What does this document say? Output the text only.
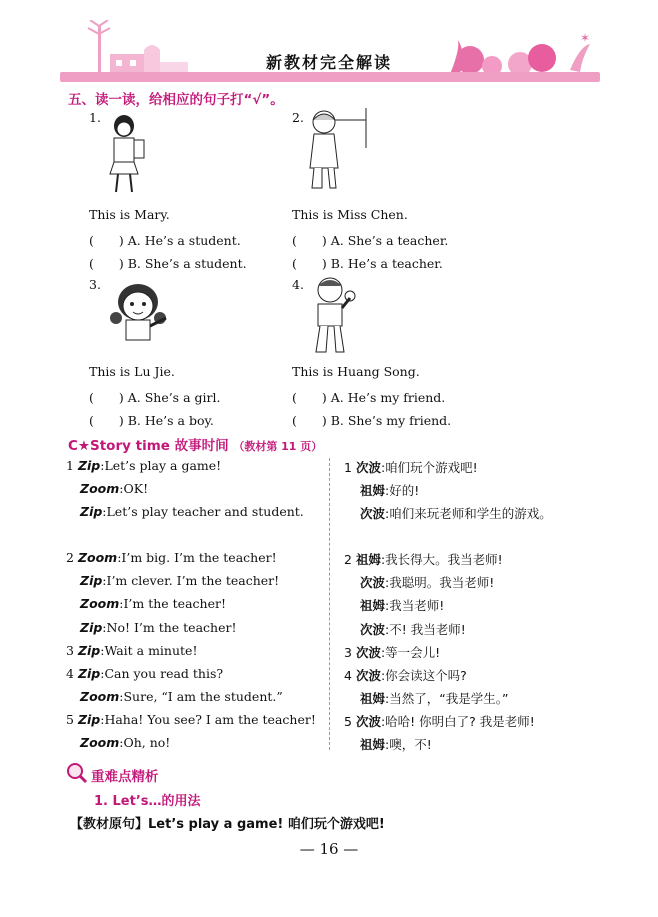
✶
新教材完全解读
五、读一读，给相应的句子打“√”。
1.
This is Mary.
(　　) A. He’s a student.
(　　) B. She’s a student.
2.
This is Miss Chen.
(　　) A. She’s a teacher.
(　　) B. He’s a teacher.
3.
This is Lu Jie.
(　　) A. She’s a girl.
(　　) B. He’s a boy.
4.
This is Huang Song.
(　　) A. He’s my friend.
(　　) B. She’s my friend.
C★Story time 故事时间 （教材第 11 页）
1 Zip:Let’s play a game!
Zoom:OK!
Zip:Let’s play teacher and student.
2 Zoom:I’m big. I’m the teacher!
Zip:I’m clever. I’m the teacher!
Zoom:I’m the teacher!
Zip:No! I’m the teacher!
3 Zip:Wait a minute!
4 Zip:Can you read this?
Zoom:Sure, “I am the student.”
5 Zip:Haha! You see? I am the teacher!
Zoom:Oh, no!
1 次波:咱们玩个游戏吧!
祖姆:好的!
次波:咱们来玩老师和学生的游戏。
2 祖姆:我长得大。我当老师!
次波:我聪明。我当老师!
祖姆:我当老师!
次波:不! 我当老师!
3 次波:等一会儿!
4 次波:你会读这个吗?
祖姆:当然了，“我是学生。”
5 次波:哈哈! 你明白了? 我是老师!
祖姆:噢，不!
重难点精析
1. Let’s…的用法
【教材原句】Let’s play a game! 咱们玩个游戏吧!
— 16 —
